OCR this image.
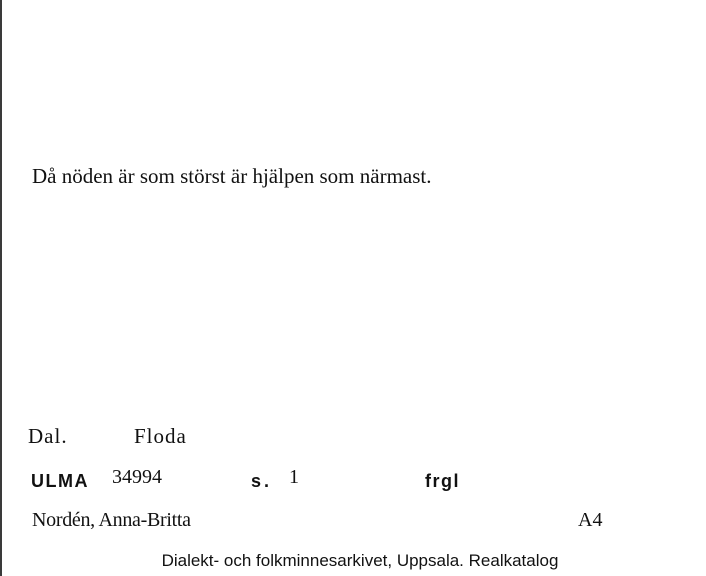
Då nöden är som störst är hjälpen som närmast.
Dal.	Floda
ULMA 34994	s. 1	frgl
Nordén, Anna-Britta	A4
Dialekt- och folkminnesarkivet, Uppsala. Realkatalog
